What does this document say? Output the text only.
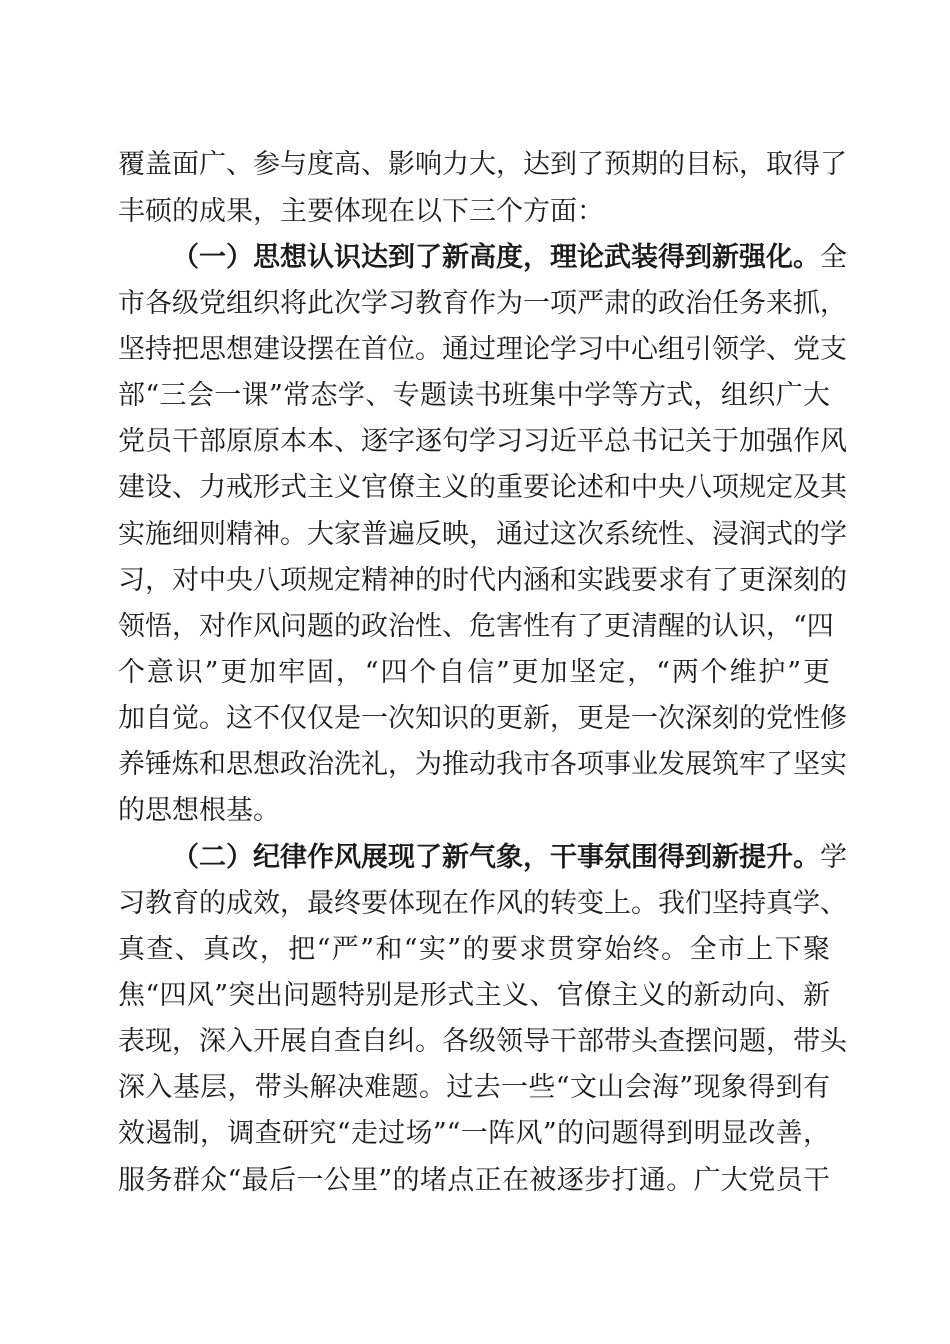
覆盖面广、参与度高、影响力大，达到了预期的目标，取得了
丰硕的成果，主要体现在以下三个方面：
（一）思想认识达到了新高度，理论武装得到新强化。全
市各级党组织将此次学习教育作为一项严肃的政治任务来抓，
坚持把思想建设摆在首位。通过理论学习中心组引领学、党支
部“三会一课”常态学、专题读书班集中学等方式，组织广大
党员干部原原本本、逐字逐句学习习近平总书记关于加强作风
建设、力戒形式主义官僚主义的重要论述和中央八项规定及其
实施细则精神。大家普遍反映，通过这次系统性、浸润式的学
习，对中央八项规定精神的时代内涵和实践要求有了更深刻的
领悟，对作风问题的政治性、危害性有了更清醒的认识，“四
个意识”更加牢固，“四个自信”更加坚定，“两个维护”更
加自觉。这不仅仅是一次知识的更新，更是一次深刻的党性修
养锤炼和思想政治洗礼，为推动我市各项事业发展筑牢了坚实
的思想根基。
（二）纪律作风展现了新气象，干事氛围得到新提升。学
习教育的成效，最终要体现在作风的转变上。我们坚持真学、
真查、真改，把“严”和“实”的要求贯穿始终。全市上下聚
焦“四风”突出问题特别是形式主义、官僚主义的新动向、新
表现，深入开展自查自纠。各级领导干部带头查摆问题，带头
深入基层，带头解决难题。过去一些“文山会海”现象得到有
效遏制，调查研究“走过场”“一阵风”的问题得到明显改善，
服务群众“最后一公里”的堵点正在被逐步打通。广大党员干
